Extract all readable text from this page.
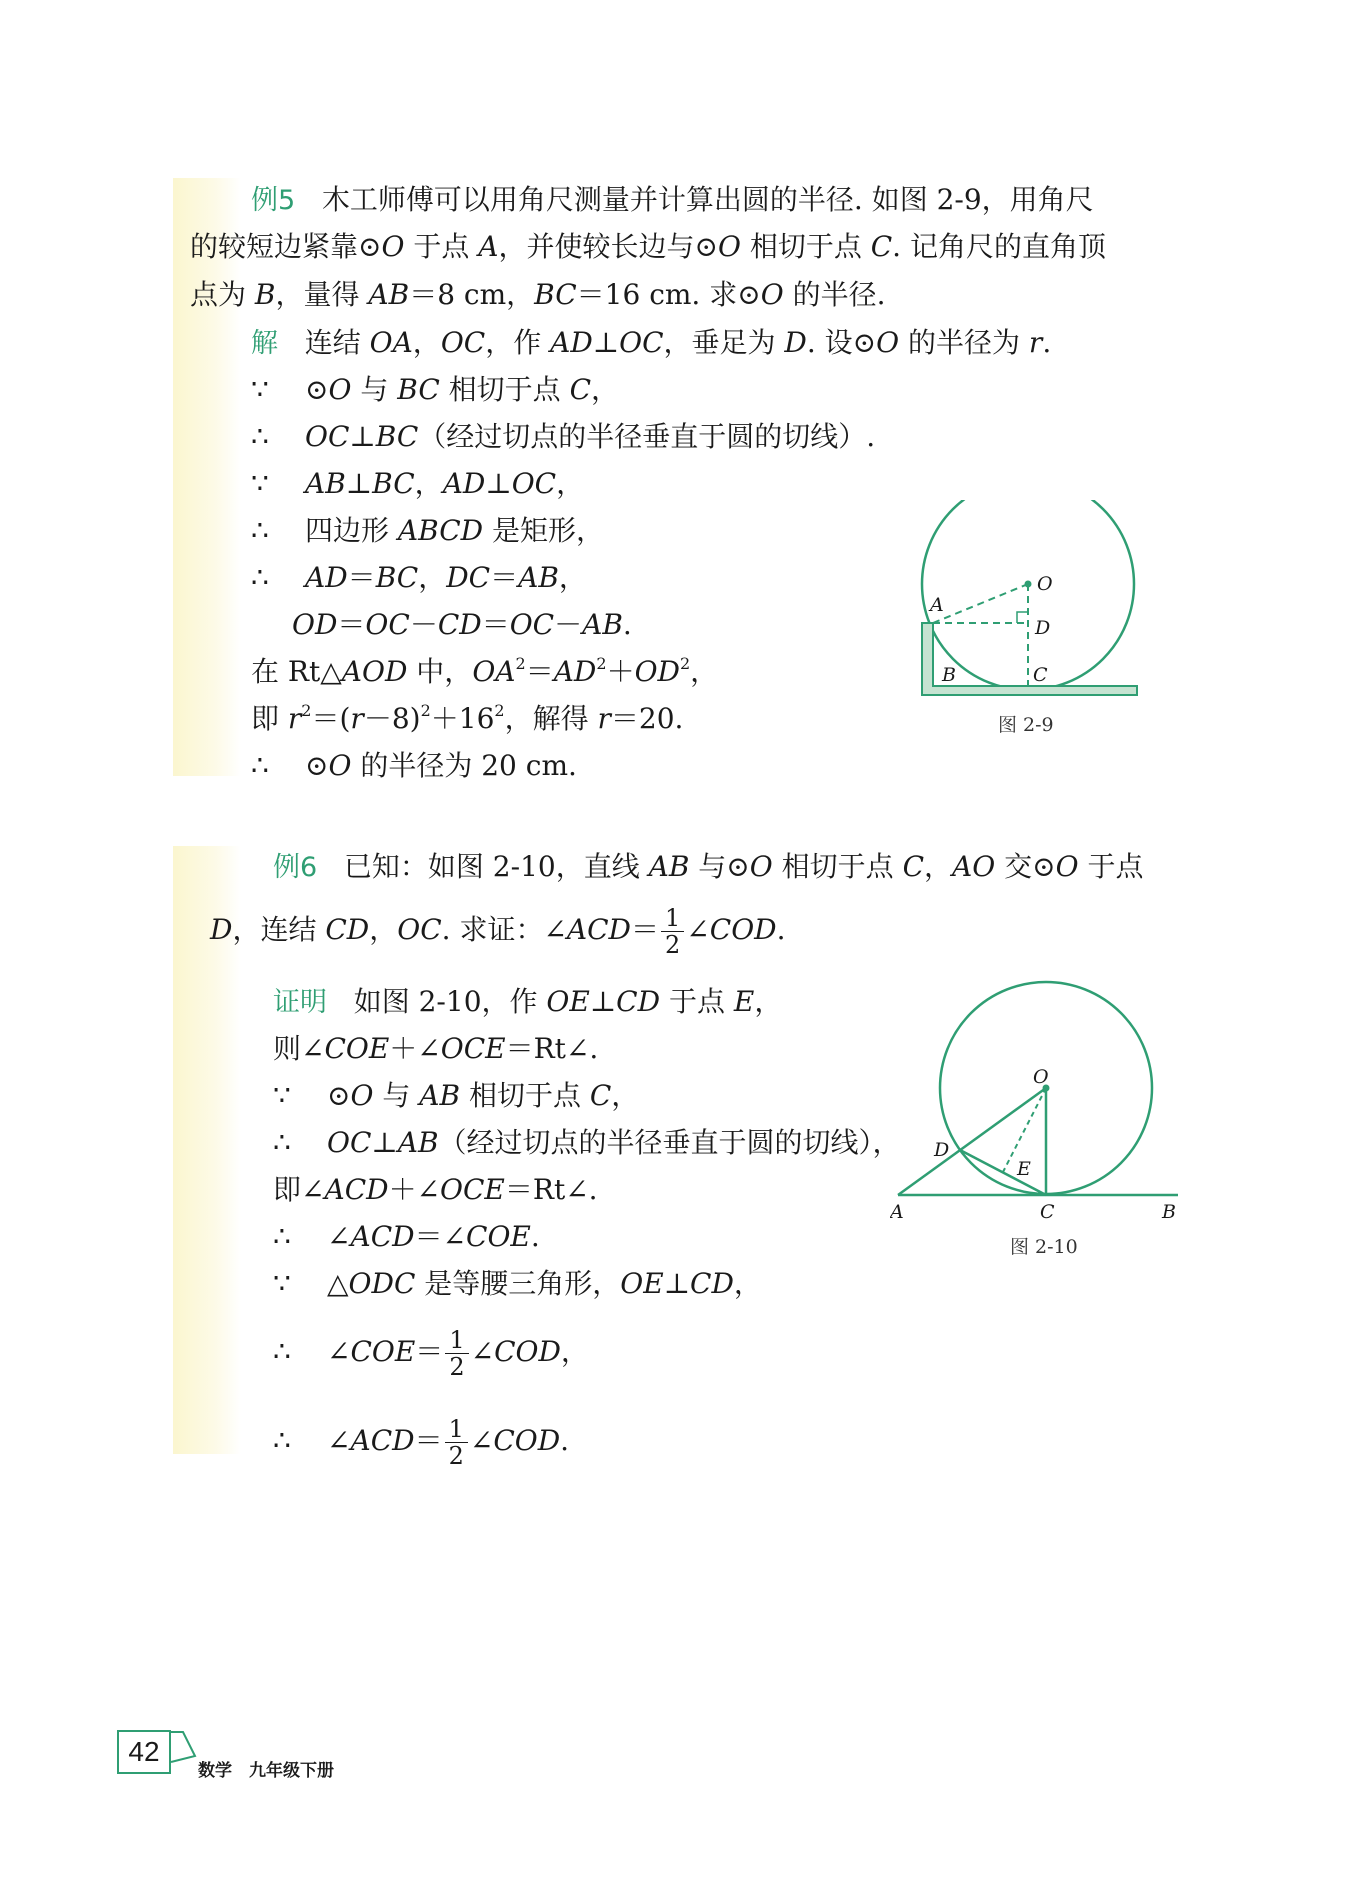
例5 木工师傅可以用角尺测量并计算出圆的半径. 如图 2-9，用角尺
的较短边紧靠⊙O 于点 A，并使较长边与⊙O 相切于点 C. 记角尺的直角顶
点为 B，量得 AB＝8 cm，BC＝16 cm. 求⊙O 的半径.
解 连结 OA，OC，作 AD⊥OC，垂足为 D. 设⊙O 的半径为 r.
∵ ⊙O 与 BC 相切于点 C，
∴ OC⊥BC（经过切点的半径垂直于圆的切线）.
∵ AB⊥BC，AD⊥OC，
∴ 四边形 ABCD 是矩形，
∴ AD＝BC，DC＝AB，
OD＝OC－CD＝OC－AB.
在 Rt△AOD 中，$OA^2=AD^2+OD^2$，
即 $r^2=(r-8)^2+16^2$，解得 r＝20.
∴ ⊙O 的半径为 20 cm.
O
A
D
B	C
图 2-9
例6 已知：如图 2-10，直线 AB 与⊙O 相切于点 C，AO 交⊙O 于点
D，连结 CD，OC. 求证：∠ACD＝ $\frac{1}{2}$ ∠COD.
证明 如图 2-10，作 OE⊥CD 于点 E，
则∠COE＋∠OCE＝Rt∠.
∵ ⊙O 与 AB 相切于点 C，
∴ OC⊥AB（经过切点的半径垂直于圆的切线），
即∠ACD＋∠OCE＝Rt∠.
∴ ∠ACD＝∠COE.
∵ △ODC 是等腰三角形，OE⊥CD，
∴ ∠COE＝ $\frac{1}{2}$ ∠COD，
∴ ∠ACD＝ $\frac{1}{2}$ ∠COD.
O
D
E
A	C	B
图 2-10
42
数学　九年级下册
